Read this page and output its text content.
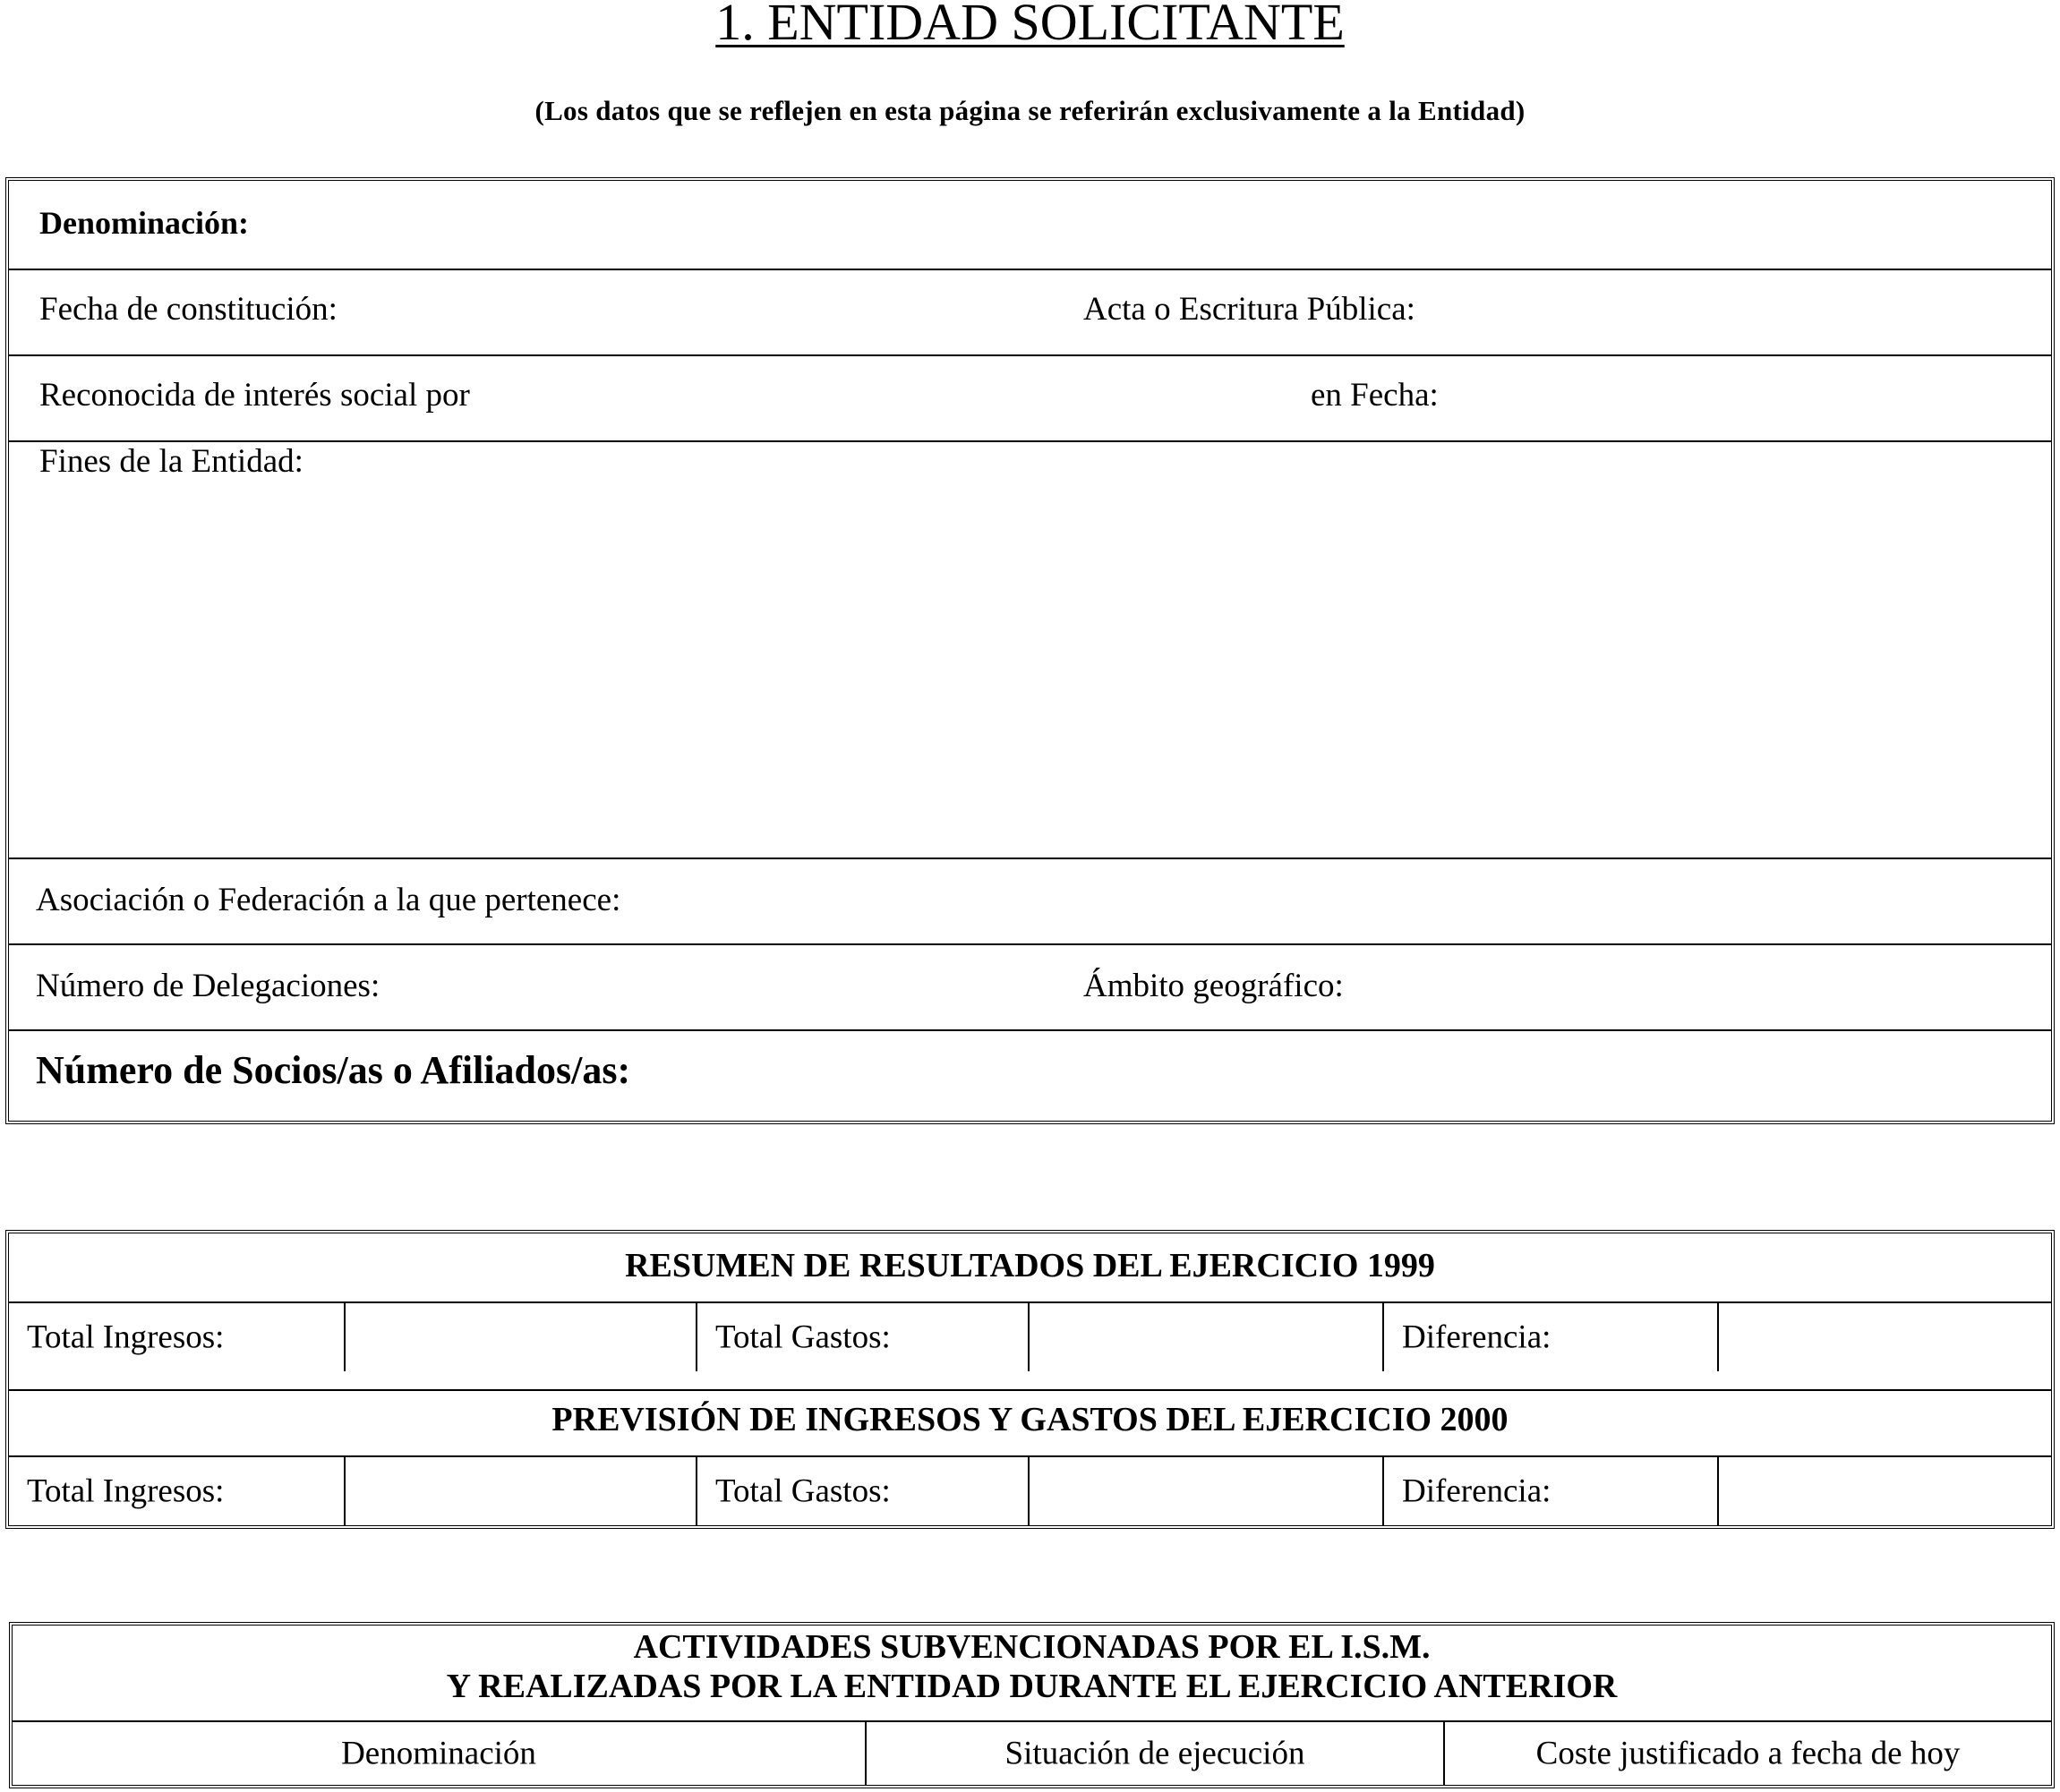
1. ENTIDAD SOLICITANTE
(Los datos que se reflejen en esta página se referirán exclusivamente a la Entidad)
Denominación:
Fecha de constitución:	Acta o Escritura Pública:
Reconocida de interés social por	en Fecha:
Fines de la Entidad:
Asociación o Federación a la que pertenece:
Número de Delegaciones:	Ámbito geográfico:
Número de Socios/as o Afiliados/as:
RESUMEN DE RESULTADOS DEL EJERCICIO 1999
Total Ingresos:	Total Gastos:	Diferencia:
PREVISIÓN DE INGRESOS Y GASTOS DEL EJERCICIO 2000
Total Ingresos:	Total Gastos:	Diferencia:
ACTIVIDADES SUBVENCIONADAS POR EL I.S.M.
Y REALIZADAS POR LA ENTIDAD DURANTE EL EJERCICIO ANTERIOR
Denominación	Situación de ejecución	Coste justificado a fecha de hoy
